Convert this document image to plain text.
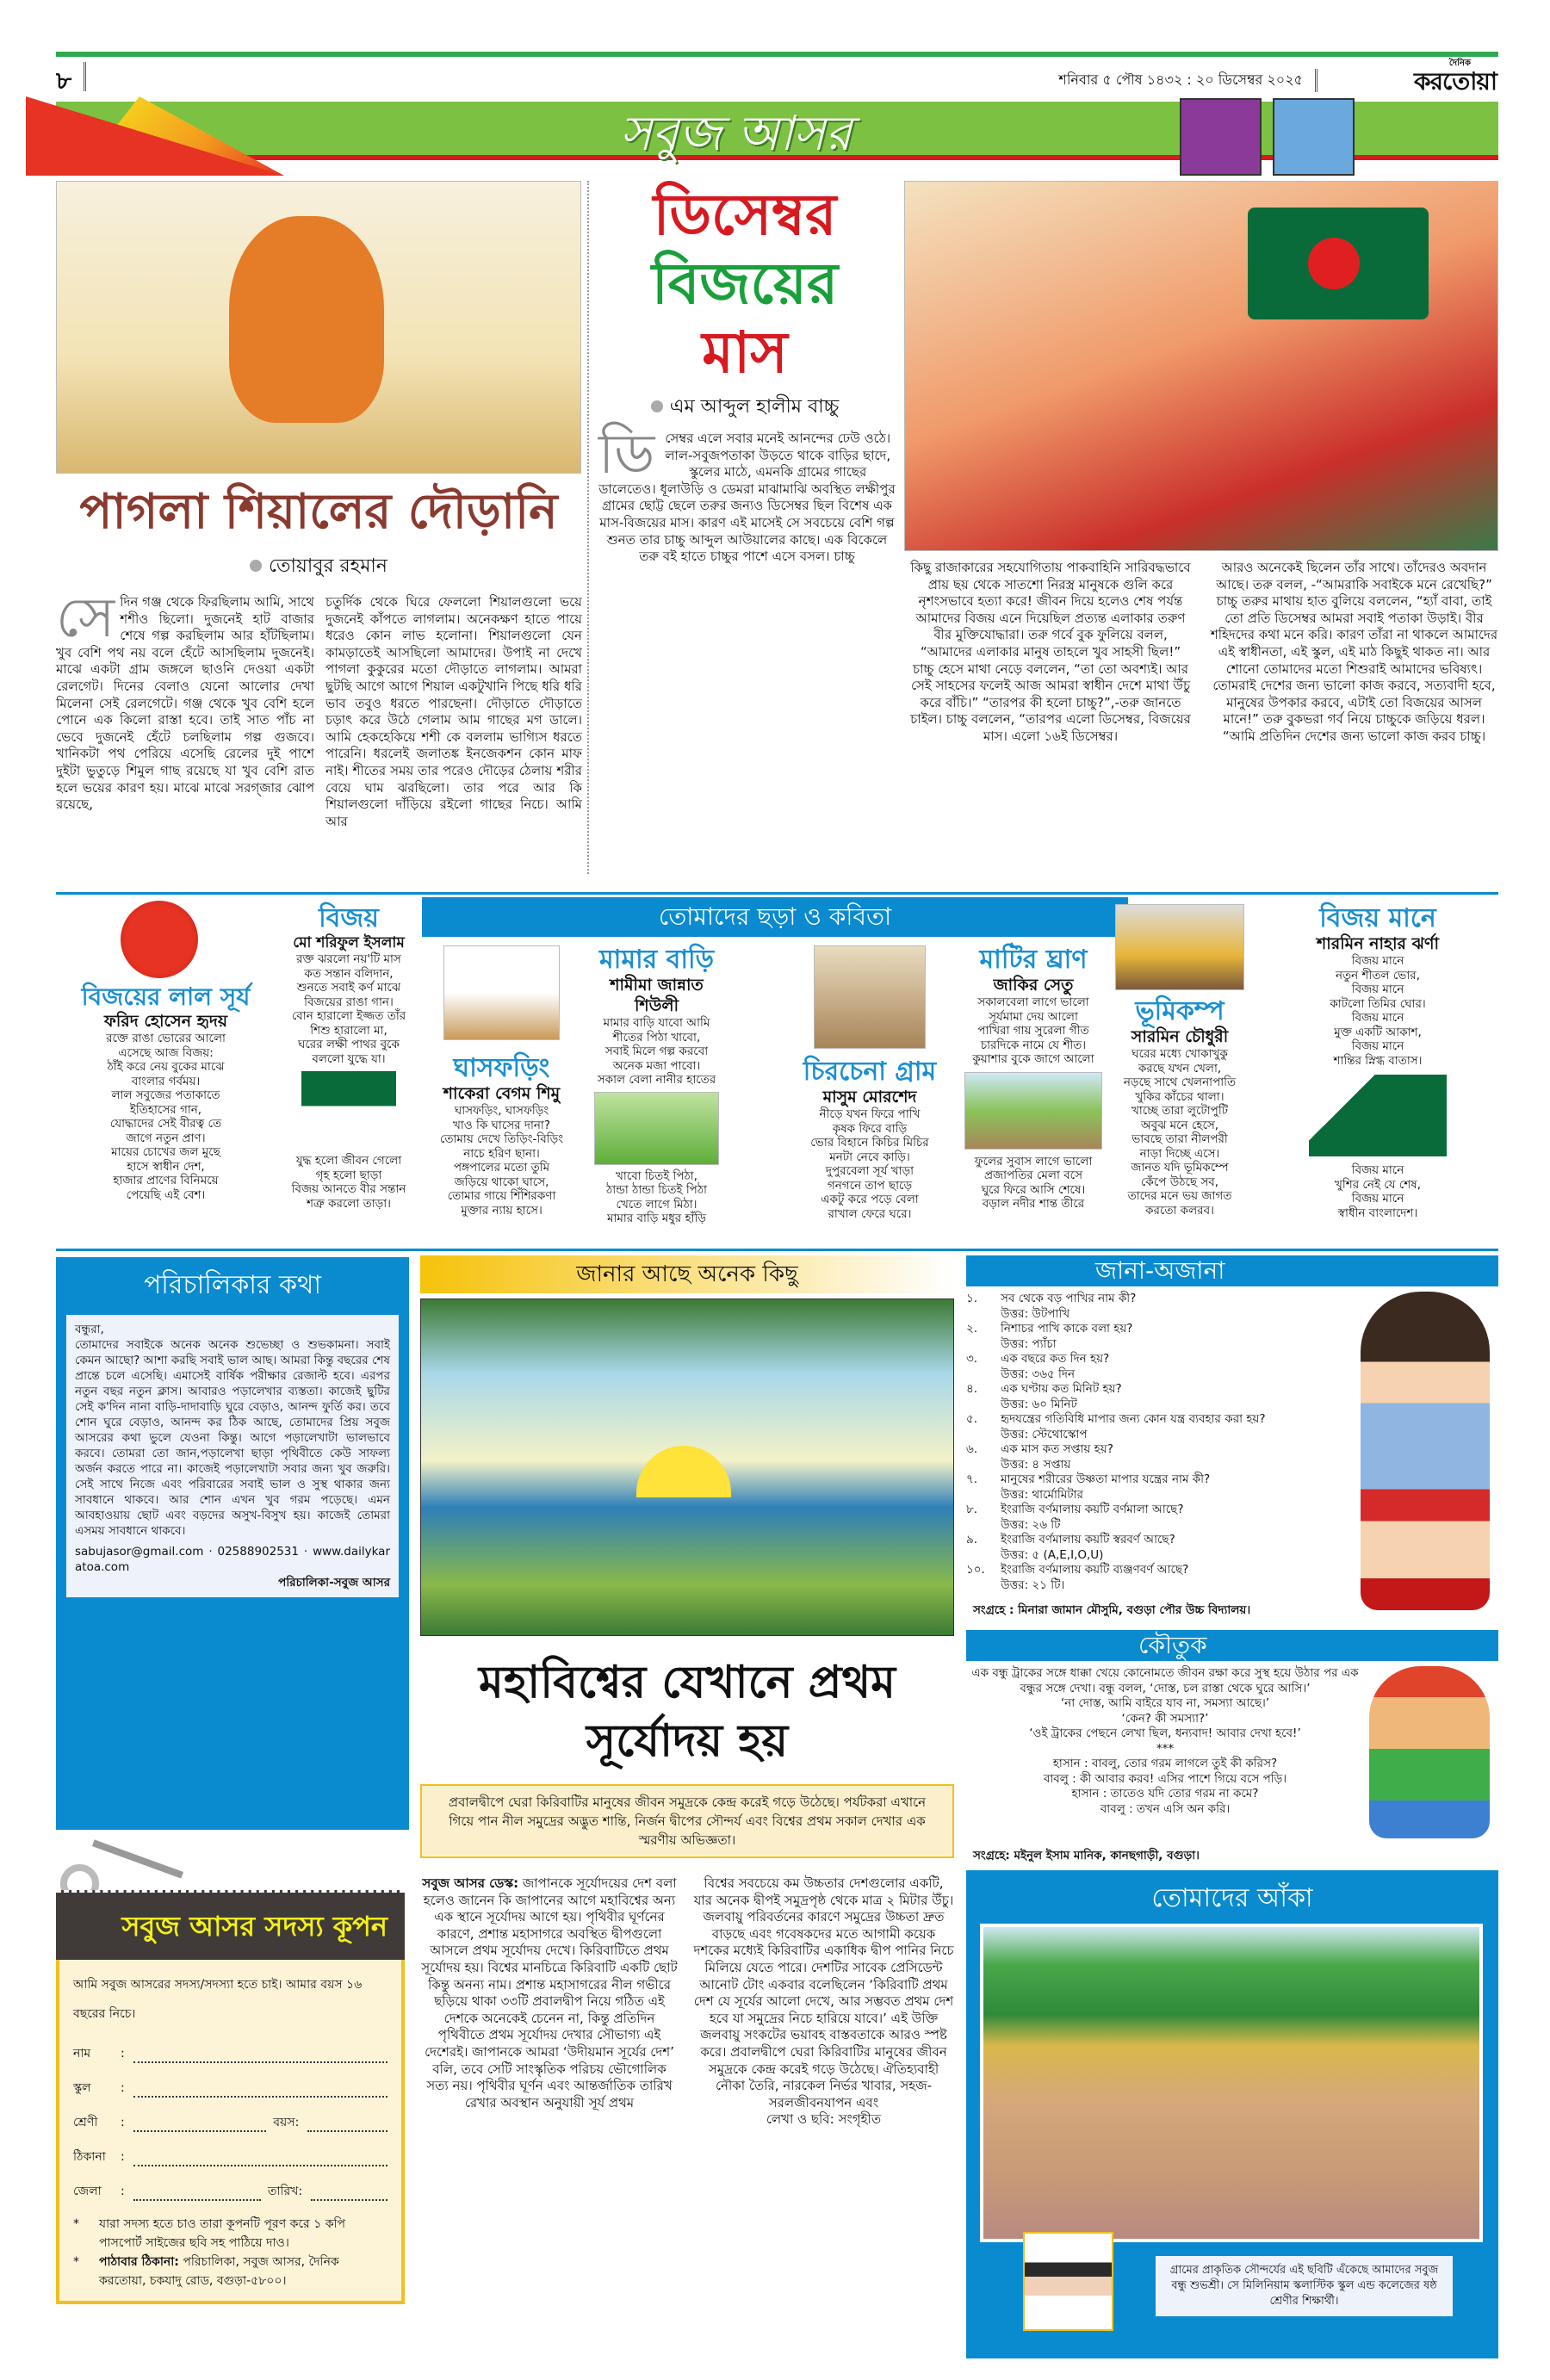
৮	শনিবার ৫ পৌষ ১৪৩২ : ২০ ডিসেম্বর ২০২৫
সবুজ আসর
দৈনিক
করতোয়া
পাগলা শিয়ালের দৌড়ানি
তোয়াবুর রহমান
সেদিন গঞ্জ থেকে ফিরছিলাম আমি, সাথে শশীও ছিলো। দুজনেই হাট বাজার শেষে গল্প করছিলাম আর হাঁটছিলাম। খুব বেশি পথ নয় বলে হেঁটে আসছিলাম দুজনেই। মাঝে একটা গ্রাম জঙ্গলে ছাওনি দেওয়া একটা রেলগেট। দিনের বেলাও যেনো আলোর দেখা মিলেনা সেই রেলগেটে। গঞ্জ থেকে খুব বেশি হলে পোনে এক কিলো রাস্তা হবে। তাই সাত পাঁচ না ভেবে দুজনেই হেঁটে চলছিলাম গল্প গুজবে। খানিকটা পথ পেরিয়ে এসেছি রেলের দুই পাশে দুইটা ভুতুড়ে শিমুল গাছ রয়েছে যা খুব বেশি রাত হলে ভয়ের কারণ হয়। মাঝে মাঝে সরগ্জার ঝোপ রয়েছে,
চতুর্দিক থেকে ঘিরে ফেললো শিয়ালগুলো ভয়ে দুজনেই কাঁপতে লাগলাম। অনেকক্ষণ হাতে পায়ে ধরেও কোন লাভ হলোনা। শিয়ালগুলো যেন কামড়াতেই আসছিলো আমাদের। উপাই না দেখে পাগলা কুকুরের মতো দৌড়াতে লাগলাম। আমরা ছুটছি আগে আগে শিয়াল একটুখানি পিছে ধরি ধরি ভাব তবুও ধরতে পারছেনা। দৌড়াতে দৌড়াতে চড়াৎ করে উঠে গেলাম আম গাছের মগ ডালে। আমি হেকহেকিয়ে শশী কে বললাম ভাগ্যিস ধরতে পারেনি। ধরলেই জলাতঙ্ক ইনজেকশন কোন মাফ নাই। শীতের সময় তার পরেও দৌড়ের ঠেলায় শরীর বেয়ে ঘাম ঝরছিলো। তার পরে আর কি শিয়ালগুলো দাঁড়িয়ে রইলো গাছের নিচে। আমি আর
ডিসেম্বর
বিজয়ের
মাস
এম আব্দুল হালীম বাচ্চু
ডিসেম্বর এলে সবার মনেই আনন্দের ঢেউ ওঠে। লাল-সবুজপতাকা উড়তে থাকে বাড়ির ছাদে, স্কুলের মাঠে, এমনকি গ্রামের গাছের ডালেতেও। ধূলাউড়ি ও ডেমরা মাঝামাঝি অবস্থিত লক্ষীপুর গ্রামের ছোট্ট ছেলে তরুর জন্যও ডিসেম্বর ছিল বিশেষ এক মাস-বিজয়ের মাস। কারণ এই মাসেই সে সবচেয়ে বেশি গল্প শুনত তার চাচ্চু আব্দুল আউয়ালের কাছে। এক বিকেলে তরু বই হাতে চাচ্চুর পাশে এসে বসল। চাচ্চু
কিছু রাজাকারের সহযোগিতায় পাকবাহিনি সারিবদ্ধভাবে প্রায় ছয় থেকে সাতশো নিরস্ত্র মানুষকে গুলি করে নৃশংসভাবে হত্যা করে! জীবন দিয়ে হলেও শেষ পর্যন্ত আমাদের বিজয় এনে দিয়েছিল প্রত্যন্ত এলাকার তরুণ বীর মুক্তিযোদ্ধারা। তরু গর্বে বুক ফুলিয়ে বলল, “আমাদের এলাকার মানুষ তাহলে খুব সাহসী ছিল!” চাচ্চু হেসে মাথা নেড়ে বললেন, “তা তো অবশ্যই। আর সেই সাহসের ফলেই আজ আমরা স্বাধীন দেশে মাথা উঁচু করে বাঁচি।” “তারপর কী হলো চাচ্চু?”,-তরু জানতে চাইল। চাচ্চু বললেন, “তারপর এলো ডিসেম্বর, বিজয়ের মাস। এলো ১৬ই ডিসেম্বর।
আরও অনেকেই ছিলেন তাঁর সাথে। তাঁদেরও অবদান আছে। তরু বলল, -“আমরাকি সবাইকে মনে রেখেছি?” চাচ্চু তরুর মাথায় হাত বুলিয়ে বললেন, “হ্যাঁ বাবা, তাই তো প্রতি ডিসেম্বর আমরা সবাই পতাকা উড়াই। বীর শহিদদের কথা মনে করি। কারণ তাঁরা না থাকলে আমাদের এই স্বাধীনতা, এই স্কুল, এই মাঠ কিছুই থাকত না। আর শোনো তোমাদের মতো শিশুরাই আমাদের ভবিষ্যৎ। তোমরাই দেশের জন্য ভালো কাজ করবে, সত্যবাদী হবে, মানুষের উপকার করবে, এটাই তো বিজয়ের আসল মানে!” তরু বুকভরা গর্ব নিয়ে চাচ্চুকে জড়িয়ে ধরল। “আমি প্রতিদিন দেশের জন্য ভালো কাজ করব চাচ্চু।
তোমাদের ছড়া ও কবিতা
বিজয়ের লাল সূর্য
ফরিদ হোসেন হৃদয়
রক্তে রাঙা ভোরের আলো
এসেছে আজ বিজয়:
ঠাঁই করে নেয় বুকের মাঝে
বাংলার গর্বময়।
লাল সবুজের পতাকাতে
ইতিহাসের গান,
যোদ্ধাদের সেই বীরত্ব তে
জাগে নতুন প্রাণ।
মায়ের চোখের জল মুছে
হাসে স্বাধীন দেশ,
হাজার প্রাণের বিনিময়ে
পেয়েছি এই বেশ।
বিজয়
মো শরিফুল ইসলাম
রক্ত ঝরলো নয়'টি মাস
কত সন্তান বলিদান,
শুনতে সবাই কর্ণ মাঝে
বিজয়ের রাঙা গান।
বোন হারালো ইজ্জত তাঁর
শিশু হারালো মা,
ঘরের লক্ষী পাথর বুকে
বললো যুদ্ধে যা।
যুদ্ধ হলো জীবন গেলো
গৃহ হলো ছাড়া
বিজয় আনতে বীর সন্তান
শত্রু করলো তাড়া।
ঘাসফড়িং
শাকেরা বেগম শিমু
ঘাসফড়িং, ঘাসফড়িং
খাও কি ঘাসের দানা?
তোমায় দেখে তিড়িং-বিড়িং
নাচে হরিণ ছানা।
পঙ্গপালের মতো তুমি
জড়িয়ে থাকো ঘাসে,
তোমার গায়ে শিঁশিরকণা
মুক্তার ন্যায় হাসে।
মামার বাড়ি
শামীমা জান্নাত শিউলী
মামার বাড়ি যাবো আমি
শীতের পিঠা খাবো,
সবাই মিলে গল্প করবো
অনেক মজা পাবো।
সকাল বেলা নানীর হাতের
খাবো চিতই পিঠা,
ঠান্ডা ঠান্ডা চিতই পিঠা
খেতে লাগে মিঠা।
মামার বাড়ি মধুর হাঁড়ি
চিরচেনা গ্রাম
মাসুম মোরশেদ
নীড়ে যখন ফিরে পাখি
কৃষক ফিরে বাড়ি
ভোর বিহানে কিচির মিচির
মনটা নেবে কাড়ি।
দুপুরবেলা সূর্য খাড়া
গনগনে তাপ ছাড়ে
একটু করে পড়ে বেলা
রাখাল ফেরে ঘরে।
মাটির ঘ্রাণ
জাকির সেতু
সকালবেলা লাগে ভালো
সূর্যমামা দেয় আলো
পাখিরা গায় সুরেলা গীত
চারদিকে নামে যে শীত।
কুয়াশার বুকে জাগে আলো
ফুলের সুবাস লাগে ভালো
প্রজাপতির মেলা বসে
ঘুরে ফিরে আসি শেষে।
বড়াল নদীর শান্ত তীরে
ভূমিকম্প
সারমিন চৌধুরী
ঘরের মধ্যে খোকাখুকু
করছে যখন খেলা,
নড়ছে সাথে খেলনাপাতি
খুকির কাঁচের থালা।
খাচ্ছে তারা লুটোপুটি
অবুঝ মনে হেসে,
ভাবছে তারা নীলপরী
নাড়া দিচ্ছে এসে।
জানত যদি ভূমিকম্পে
কেঁপে উঠছে সব,
তাদের মনে ভয় জাগত
করতো কলরব।
বিজয় মানে
শারমিন নাহার ঝর্ণা
বিজয় মানে
নতুন শীতল ভোর,
বিজয় মানে
কাটলো তিমির ঘোর।
বিজয় মানে
মুক্ত একটি আকাশ,
বিজয় মানে
শান্তির স্নিগ্ধ বাতাস।
বিজয় মানে
খুশির নেই যে শেষ,
বিজয় মানে
স্বাধীন বাংলাদেশ।
পরিচালিকার কথা
বন্ধুরা,
তোমাদের সবাইকে অনেক অনেক শুভেচ্ছা ও শুভকামনা। সবাই কেমন আছো? আশা করছি সবাই ভাল আছ। আমরা কিন্তু বছরের শেষ প্রান্তে চলে এসেছি। এমাসেই বার্ষিক পরীক্ষার রেজাল্ট হবে। এরপর নতুন বছর নতুন ক্লাস। আবারও পড়ালেখার ব্যস্ততা। কাজেই ছুটির সেই ক'দিন নানা বাড়ি-দাদাবাড়ি ঘুরে বেড়াও, আনন্দ ফুর্তি কর। তবে শোন ঘুরে বেড়াও, আনন্দ কর ঠিক আছে, তোমাদের প্রিয় সবুজ আসরের কথা ভুলে যেওনা কিন্তু। আগে পড়ালেখাটা ভালভাবে করবে। তোমরা তো জান,পড়ালেখা ছাড়া পৃথিবীতে কেউ সাফল্য অর্জন করতে পারে না। কাজেই পড়ালেখাটা সবার জন্য খুব জরুরি। সেই সাথে নিজে এবং পরিবারের সবাই ভাল ও সুস্থ থাকার জন্য সাবধানে থাকবে। আর শোন এখন খুব গরম পড়েছে। এমন আবহাওয়ায় ছোট এবং বড়দের অসুখ-বিসুখ হয়। কাজেই তোমরা এসময় সাবধানে থাকবে।
sabujasor@gmail.com · 02588902531 · www.dailykaratoa.com
পরিচালিকা-সবুজ আসর
সবুজ আসর সদস্য কূপন
আমি সবুজ আসরের সদস্য/সদস্যা হতে চাই। আমার বয়স ১৬ বছরের নিচে।
নাম	:
স্কুল	:
শ্রেণী	:	বয়স :
ঠিকানা	:
জেলা	:	তারিখ :
*	যারা সদস্য হতে চাও তারা কূপনটি পূরণ করে ১ কপি পাসপোর্ট সাইজের ছবি সহ পাঠিয়ে দাও।
*	পাঠাবার ঠিকানা: পরিচালিকা, সবুজ আসর, দৈনিক করতোয়া, চকযাদু রোড, বগুড়া-৫৮০০।
জানার আছে অনেক কিছু
মহাবিশ্বের যেখানে প্রথম সূর্যোদয় হয়
প্রবালদ্বীপে ঘেরা কিরিবাটির মানুষের জীবন সমুদ্রকে কেন্দ্র করেই গড়ে উঠেছে। পর্যটকরা এখানে গিয়ে পান নীল সমুদ্রের অদ্ভুত শান্তি, নির্জন দ্বীপের সৌন্দর্য এবং বিশ্বের প্রথম সকাল দেখার এক স্মরণীয় অভিজ্ঞতা।
সবুজ আসর ডেস্ক: জাপানকে সূর্যোদয়ের দেশ বলা হলেও জানেন কি জাপানের আগে মহাবিশ্বের অন্য এক স্থানে সূর্যোদয় আগে হয়। পৃথিবীর ঘূর্ণনের কারণে, প্রশান্ত মহাসাগরে অবস্থিত দ্বীপগুলো আসলে প্রথম সূর্যোদয় দেখে। কিরিবাটিতে প্রথম সূর্যোদয় হয়। বিশ্বের মানচিত্রে কিরিবাটি একটি ছোট কিন্তু অনন্য নাম। প্রশান্ত মহাসাগরের নীল গভীরে ছড়িয়ে থাকা ৩৩টি প্রবালদ্বীপ নিয়ে গঠিত এই দেশকে অনেকেই চেনেন না, কিন্তু প্রতিদিন পৃথিবীতে প্রথম সূর্যোদয় দেখার সৌভাগ্য এই দেশেরই। জাপানকে আমরা ‘উদীয়মান সূর্যের দেশ’ বলি, তবে সেটি সাংস্কৃতিক পরিচয় ভৌগোলিক সত্য নয়। পৃথিবীর ঘূর্ণন এবং আন্তর্জাতিক তারিখ রেখার অবস্থান অনুযায়ী সূর্য প্রথম
বিশ্বের সবচেয়ে কম উচ্চতার দেশগুলোর একটি, যার অনেক দ্বীপই সমুদ্রপৃষ্ঠ থেকে মাত্র ২ মিটার উঁচু। জলবায়ু পরিবর্তনের কারণে সমুদ্রের উচ্চতা দ্রুত বাড়ছে এবং গবেষকদের মতে আগামী কয়েক দশকের মধ্যেই কিরিবাটির একাধিক দ্বীপ পানির নিচে মিলিয়ে যেতে পারে। দেশটির সাবেক প্রেসিডেন্ট আনোট টোং একবার বলেছিলেন ‘কিরিবাটি প্রথম দেশ যে সূর্যের আলো দেখে, আর সম্ভবত প্রথম দেশ হবে যা সমুদ্রের নিচে হারিয়ে যাবে।’ এই উক্তি জলবায়ু সংকটের ভয়াবহ বাস্তবতাকে আরও স্পষ্ট করে। প্রবালদ্বীপে ঘেরা কিরিবাটির মানুষের জীবন সমুদ্রকে কেন্দ্র করেই গড়ে উঠেছে। ঐতিহ্যবাহী নৌকা তৈরি, নারকেল নির্ভর খাবার, সহজ-সরলজীবনযাপন এবং
লেখা ও ছবি: সংগৃহীত
জানা-অজানা
১.	সব থেকে বড় পাখির নাম কী?
উত্তর: উটপাখি
২.	নিশাচর পাখি কাকে বলা হয়?
উত্তর: প্যাঁচা
৩.	এক বছরে কত দিন হয়?
উত্তর: ৩৬৫ দিন
৪.	এক ঘণ্টায় কত মিনিট হয়?
উত্তর: ৬০ মিনিট
৫.	হৃদযন্ত্রের গতিবিধি মাপার জন্য কোন যন্ত্র ব্যবহার করা হয়?
উত্তর: স্টেথোস্কোপ
৬.	এক মাস কত সপ্তায় হয়?
উত্তর: ৪ সপ্তায়
৭.	মানুষের শরীরের উষ্ণতা মাপার যন্ত্রের নাম কী?
উত্তর: থার্মোমিটার
৮.	ইংরাজি বর্ণমালায় কয়টি বর্ণমালা আছে?
উত্তর: ২৬ টি
৯.	ইংরাজি বর্ণমালায় কয়টি স্বরবর্ণ আছে?
উত্তর: ৫ (A,E,I,O,U)
১০.	ইংরাজি বর্ণমালায় কয়টি ব্যঞ্জণবর্ণ আছে?
উত্তর: ২১ টি।
সংগ্রহে : মিনারা জামান মৌসুমি, বগুড়া পৌর উচ্চ বিদ্যালয়।
কৌতুক
এক বন্ধু ট্রাকের সঙ্গে ধাক্কা খেয়ে কোনোমতে জীবন রক্ষা করে সুস্থ হয়ে উঠার পর এক বন্ধুর সঙ্গে দেখা। বন্ধু বলল, ‘দোস্ত, চল রাস্তা থেকে ঘুরে আসি।’
‘না দোস্ত, আমি বাইরে যাব না, সমস্যা আছে।’
‘কেন? কী সমস্যা?’
‘ওই ট্রাকের পেছনে লেখা ছিল, ধন্যবাদ! আবার দেখা হবে!’
***
হাসান : বাবলু, তোর গরম লাগলে তুই কী করিস?
বাবলু : কী আবার করব! এসির পাশে গিয়ে বসে পড়ি।
হাসান : তাতেও যদি তোর গরম না কমে?
বাবলু : তখন এসি অন করি।
সংগ্রহে: মইনুল ইসাম মানিক, কানছগাড়ী, বগুড়া।
তোমাদের আঁকা
গ্রামের প্রাকৃতিক সৌন্দর্যের এই ছবিটি এঁকেছে আমাদের সবুজ বন্ধু শুভশ্রী। সে মিলিনিয়াম স্কলাস্টিক স্কুল এন্ড কলেজের ষষ্ঠ শ্রেণীর শিক্ষার্থী।
